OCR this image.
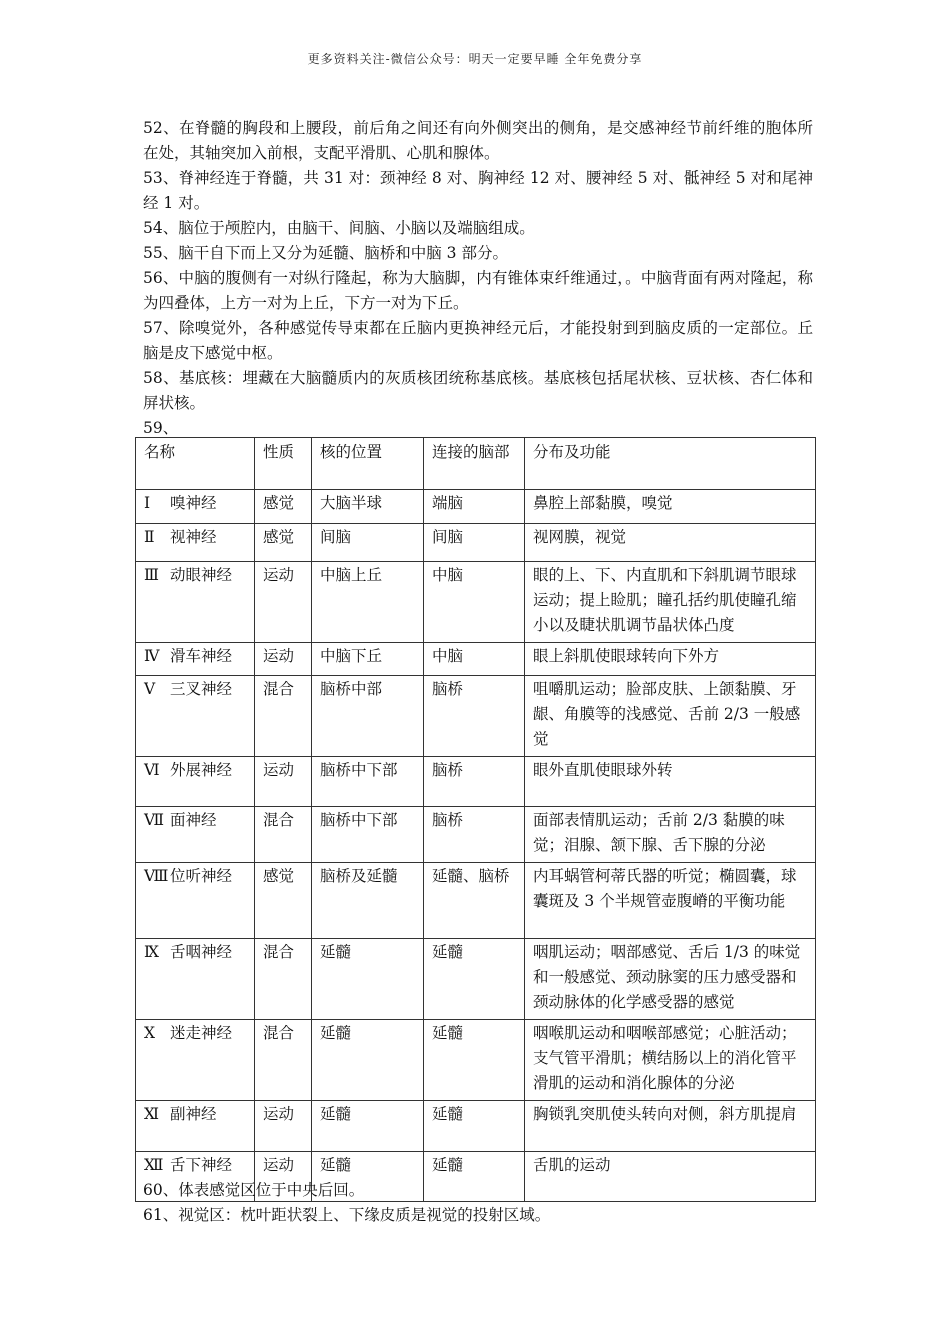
更多资料关注-微信公众号：明天一定要早睡 全年免费分享

52、在脊髓的胸段和上腰段，前后角之间还有向外侧突出的侧角，是交感神经节前纤维的胞体所在处，其轴突加入前根，支配平滑肌、心肌和腺体。

53、脊神经连于脊髓，共 31 对：颈神经 8 对、胸神经 12 对、腰神经 5 对、骶神经 5 对和尾神经 1 对。

54、脑位于颅腔内，由脑干、间脑、小脑以及端脑组成。

55、脑干自下而上又分为延髓、脑桥和中脑 3 部分。

56、中脑的腹侧有一对纵行隆起，称为大脑脚，内有锥体束纤维通过，。中脑背面有两对隆起，称为四叠体，上方一对为上丘，下方一对为下丘。

57、除嗅觉外，各种感觉传导束都在丘脑内更换神经元后，才能投射到到脑皮质的一定部位。丘脑是皮下感觉中枢。

58、基底核：埋藏在大脑髓质内的灰质核团统称基底核。基底核包括尾状核、豆状核、杏仁体和屏状核。

59、

名称	性质	核的位置	连接的脑部	分布及功能
Ⅰ 嗅神经	感觉	大脑半球	端脑	鼻腔上部黏膜，嗅觉
Ⅱ 视神经	感觉	间脑	间脑	视网膜，视觉
Ⅲ 动眼神经	运动	中脑上丘	中脑	眼的上、下、内直肌和下斜肌调节眼球运动；提上睑肌；瞳孔括约肌使瞳孔缩小以及睫状肌调节晶状体凸度
Ⅳ 滑车神经	运动	中脑下丘	中脑	眼上斜肌使眼球转向下外方
Ⅴ 三叉神经	混合	脑桥中部	脑桥	咀嚼肌运动；脸部皮肤、上颌黏膜、牙龈、角膜等的浅感觉、舌前 2/3 一般感觉
Ⅵ 外展神经	运动	脑桥中下部	脑桥	眼外直肌使眼球外转
Ⅶ 面神经	混合	脑桥中下部	脑桥	面部表情肌运动；舌前 2/3 黏膜的味觉；泪腺、颔下腺、舌下腺的分泌
Ⅷ 位听神经	感觉	脑桥及延髓	延髓、脑桥	内耳蜗管柯蒂氏器的听觉；椭圆囊，球囊斑及 3 个半规管壶腹嵴的平衡功能
Ⅸ 舌咽神经	混合	延髓	延髓	咽肌运动；咽部感觉、舌后 1/3 的味觉和一般感觉、颈动脉窦的压力感受器和颈动脉体的化学感受器的感觉
Ⅹ 迷走神经	混合	延髓	延髓	咽喉肌运动和咽喉部感觉；心脏活动；支气管平滑肌；横结肠以上的消化管平滑肌的运动和消化腺体的分泌
Ⅺ 副神经	运动	延髓	延髓	胸锁乳突肌使头转向对侧，斜方肌提肩
Ⅻ 舌下神经	运动	延髓	延髓	舌肌的运动

60、体表感觉区位于中央后回。

61、视觉区：枕叶距状裂上、下缘皮质是视觉的投射区域。
